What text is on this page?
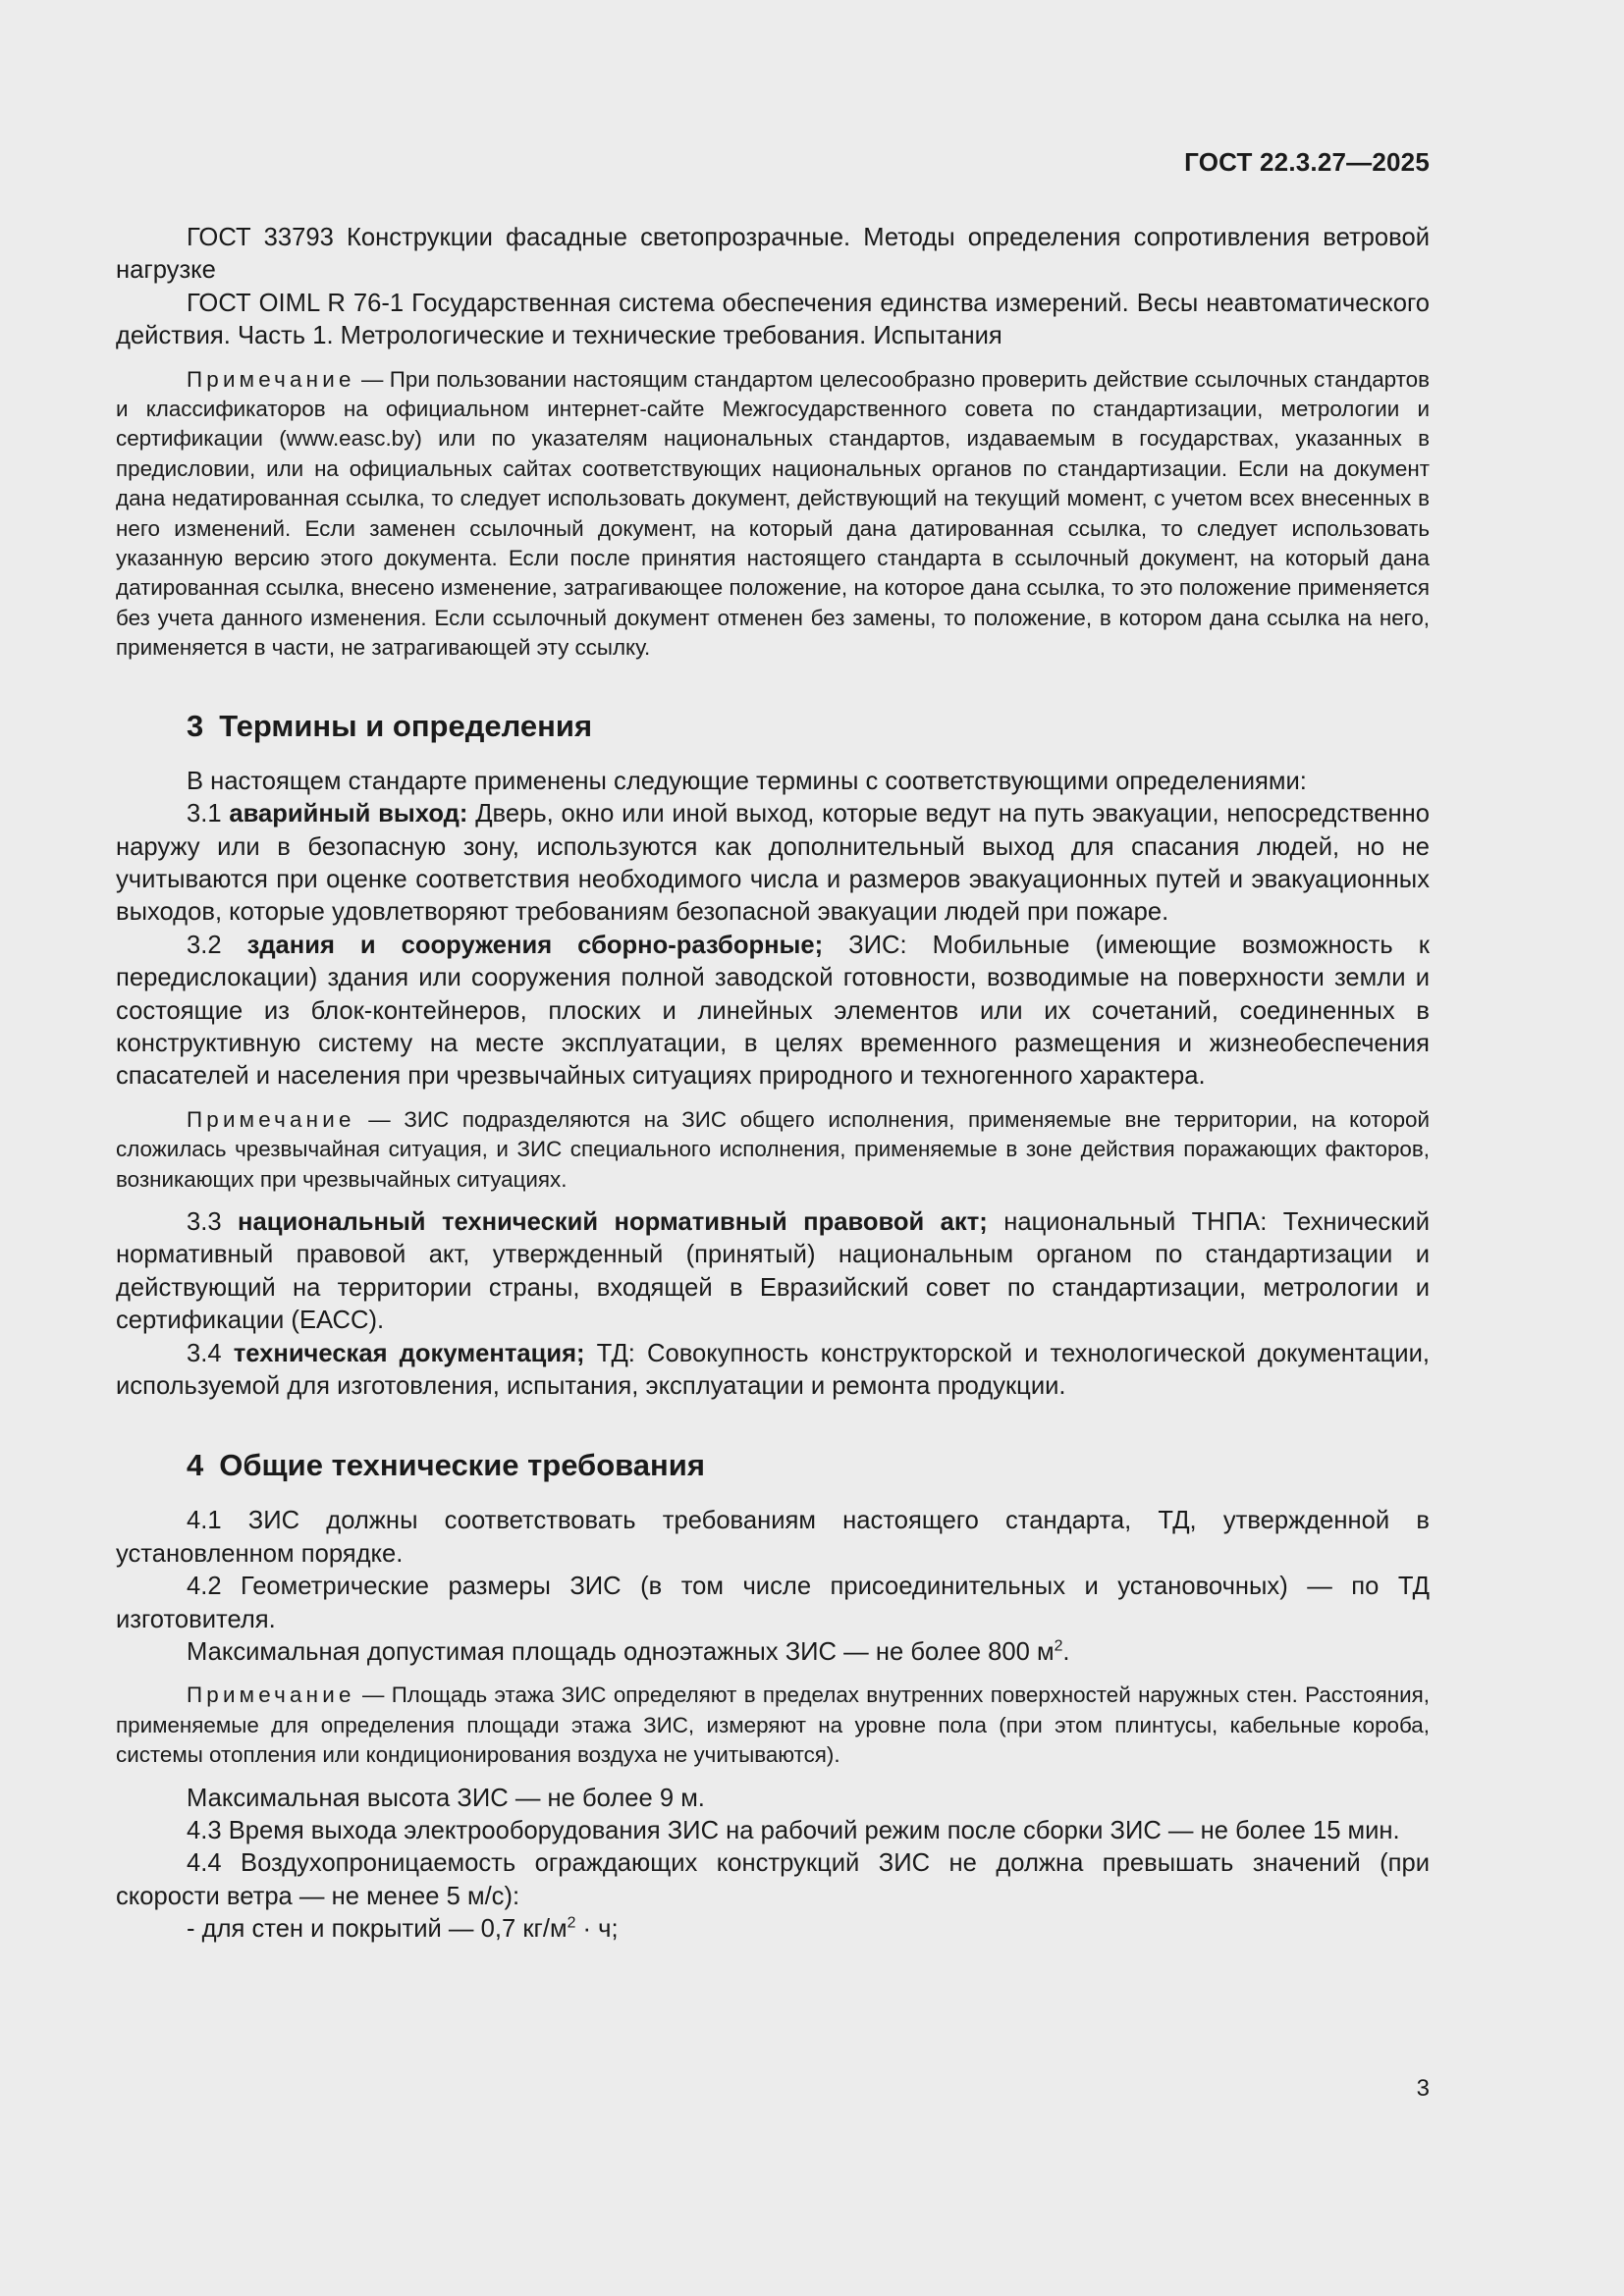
ГОСТ 22.3.27—2025

ГОСТ 33793 Конструкции фасадные светопрозрачные. Методы определения сопротивления ветровой нагрузке

ГОСТ OIML R 76-1 Государственная система обеспечения единства измерений. Весы неавтоматического действия. Часть 1. Метрологические и технические требования. Испытания

Примечание — При пользовании настоящим стандартом целесообразно проверить действие ссылочных стандартов и классификаторов на официальном интернет-сайте Межгосударственного совета по стандартизации, метрологии и сертификации (www.easc.by) или по указателям национальных стандартов, издаваемым в государствах, указанных в предисловии, или на официальных сайтах соответствующих национальных органов по стандартизации. Если на документ дана недатированная ссылка, то следует использовать документ, действующий на текущий момент, с учетом всех внесенных в него изменений. Если заменен ссылочный документ, на который дана датированная ссылка, то следует использовать указанную версию этого документа. Если после принятия настоящего стандарта в ссылочный документ, на который дана датированная ссылка, внесено изменение, затрагивающее положение, на которое дана ссылка, то это положение применяется без учета данного изменения. Если ссылочный документ отменен без замены, то положение, в котором дана ссылка на него, применяется в части, не затрагивающей эту ссылку.

3 Термины и определения

В настоящем стандарте применены следующие термины с соответствующими определениями:

3.1 аварийный выход: Дверь, окно или иной выход, которые ведут на путь эвакуации, непосредственно наружу или в безопасную зону, используются как дополнительный выход для спасания людей, но не учитываются при оценке соответствия необходимого числа и размеров эвакуационных путей и эвакуационных выходов, которые удовлетворяют требованиям безопасной эвакуации людей при пожаре.

3.2 здания и сооружения сборно-разборные; ЗИС: Мобильные (имеющие возможность к передислокации) здания или сооружения полной заводской готовности, возводимые на поверхности земли и состоящие из блок-контейнеров, плоских и линейных элементов или их сочетаний, соединенных в конструктивную систему на месте эксплуатации, в целях временного размещения и жизнеобеспечения спасателей и населения при чрезвычайных ситуациях природного и техногенного характера.

Примечание — ЗИС подразделяются на ЗИС общего исполнения, применяемые вне территории, на которой сложилась чрезвычайная ситуация, и ЗИС специального исполнения, применяемые в зоне действия поражающих факторов, возникающих при чрезвычайных ситуациях.

3.3 национальный технический нормативный правовой акт; национальный ТНПА: Технический нормативный правовой акт, утвержденный (принятый) национальным органом по стандартизации и действующий на территории страны, входящей в Евразийский совет по стандартизации, метрологии и сертификации (ЕАСС).

3.4 техническая документация; ТД: Совокупность конструкторской и технологической документации, используемой для изготовления, испытания, эксплуатации и ремонта продукции.

4 Общие технические требования

4.1 ЗИС должны соответствовать требованиям настоящего стандарта, ТД, утвержденной в установленном порядке.

4.2 Геометрические размеры ЗИС (в том числе присоединительных и установочных) — по ТД изготовителя.

Максимальная допустимая площадь одноэтажных ЗИС — не более 800 $м^2$.

Примечание — Площадь этажа ЗИС определяют в пределах внутренних поверхностей наружных стен. Расстояния, применяемые для определения площади этажа ЗИС, измеряют на уровне пола (при этом плинтусы, кабельные короба, системы отопления или кондиционирования воздуха не учитываются).

Максимальная высота ЗИС — не более 9 м.

4.3 Время выхода электрооборудования ЗИС на рабочий режим после сборки ЗИС — не более 15 мин.

4.4 Воздухопроницаемость ограждающих конструкций ЗИС не должна превышать значений (при скорости ветра — не менее 5 м/с):

- для стен и покрытий — 0,7 $кг/м^2 \cdot ч$;

3
